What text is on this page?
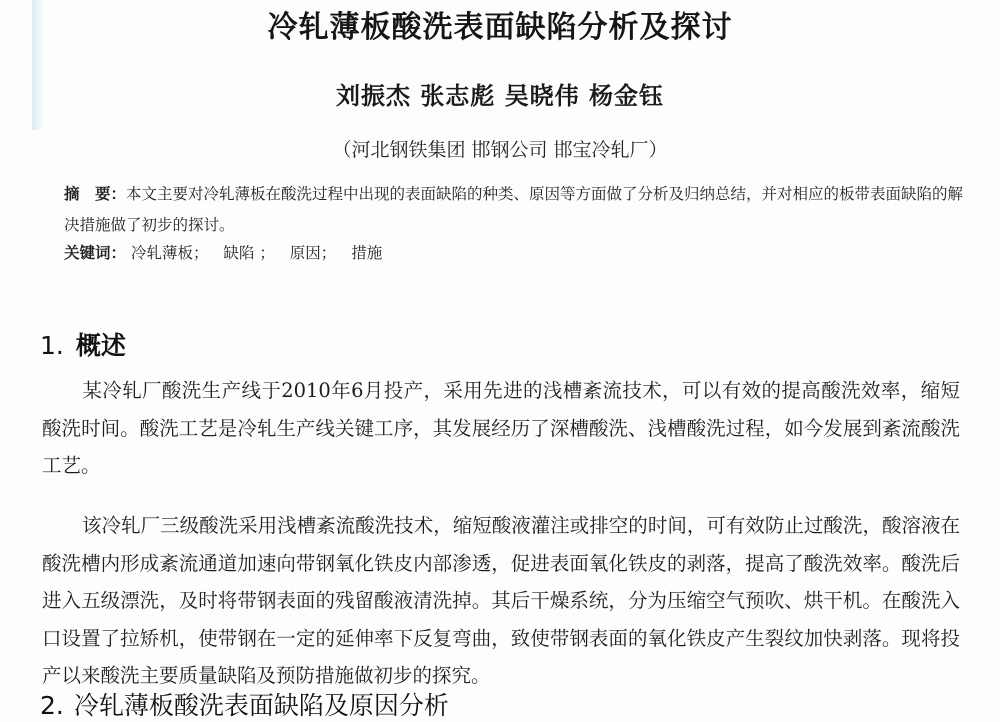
冷轧薄板酸洗表面缺陷分析及探讨
刘振杰 张志彪 吴晓伟 杨金钰
（河北钢铁集团 邯钢公司 邯宝冷轧厂）
摘　要：本文主要对冷轧薄板在酸洗过程中出现的表面缺陷的种类、原因等方面做了分析及归纳总结，并对相应的板带表面缺陷的解决措施做了初步的探讨。
关键词： 冷轧薄板； 缺陷 ； 原因； 措施
1. 概述
某冷轧厂酸洗生产线于2010年6月投产，采用先进的浅槽紊流技术，可以有效的提高酸洗效率，缩短酸洗时间。酸洗工艺是冷轧生产线关键工序，其发展经历了深槽酸洗、浅槽酸洗过程，如今发展到紊流酸洗工艺。
该冷轧厂三级酸洗采用浅槽紊流酸洗技术，缩短酸液灌注或排空的时间，可有效防止过酸洗，酸溶液在酸洗槽内形成紊流通道加速向带钢氧化铁皮内部渗透，促进表面氧化铁皮的剥落，提高了酸洗效率。酸洗后进入五级漂洗，及时将带钢表面的残留酸液清洗掉。其后干燥系统，分为压缩空气预吹、烘干机。在酸洗入口设置了拉矫机，使带钢在一定的延伸率下反复弯曲，致使带钢表面的氧化铁皮产生裂纹加快剥落。现将投产以来酸洗主要质量缺陷及预防措施做初步的探究。
2. 冷轧薄板酸洗表面缺陷及原因分析
